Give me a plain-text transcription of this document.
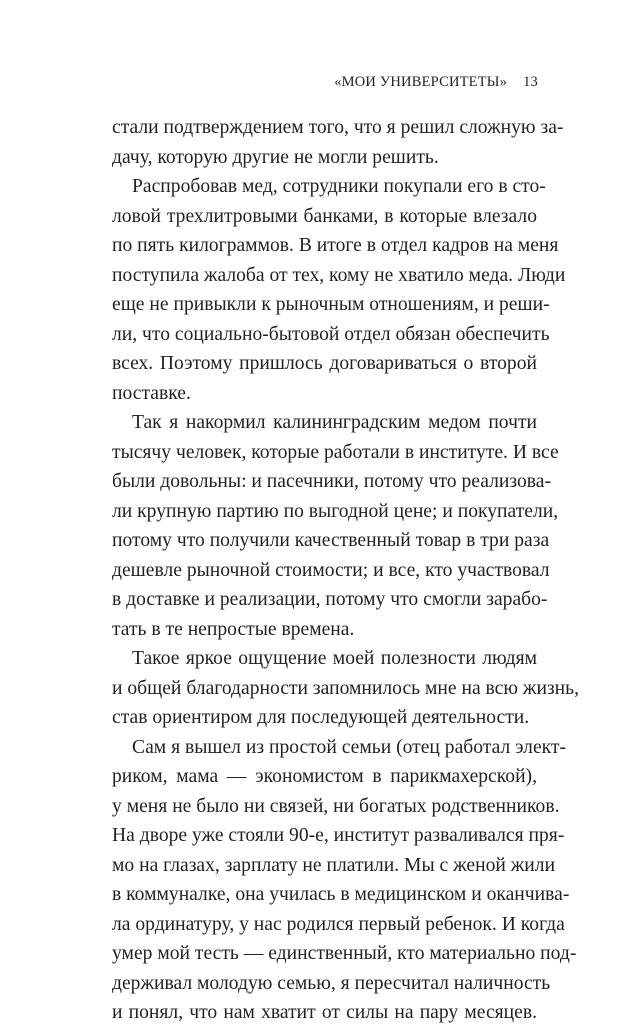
«МОИ УНИВЕРСИТЕТЫ» 13
стали подтверждением того, что я решил сложную за-
дачу, которую другие не могли решить.
Распробовав мед, сотрудники покупали его в сто-
ловой трехлитровыми банками, в которые влезало
по пять килограммов. В итоге в отдел кадров на меня
поступила жалоба от тех, кому не хватило меда. Люди
еще не привыкли к рыночным отношениям, и реши-
ли, что социально-бытовой отдел обязан обеспечить
всех. Поэтому пришлось договариваться о второй
поставке.
Так я накормил калининградским медом почти
тысячу человек, которые работали в институте. И все
были довольны: и пасечники, потому что реализова-
ли крупную партию по выгодной цене; и покупатели,
потому что получили качественный товар в три раза
дешевле рыночной стоимости; и все, кто участвовал
в доставке и реализации, потому что смогли зарабо-
тать в те непростые времена.
Такое яркое ощущение моей полезности людям
и общей благодарности запомнилось мне на всю жизнь,
став ориентиром для последующей деятельности.
Сам я вышел из простой семьи (отец работал элект-
риком, мама — экономистом в парикмахерской),
у меня не было ни связей, ни богатых родственников.
На дворе уже стояли 90-е, институт разваливался пря-
мо на глазах, зарплату не платили. Мы с женой жили
в коммуналке, она училась в медицинском и оканчива-
ла ординатуру, у нас родился первый ребенок. И когда
умер мой тесть — единственный, кто материально под-
держивал молодую семью, я пересчитал наличность
и понял, что нам хватит от силы на пару месяцев.
